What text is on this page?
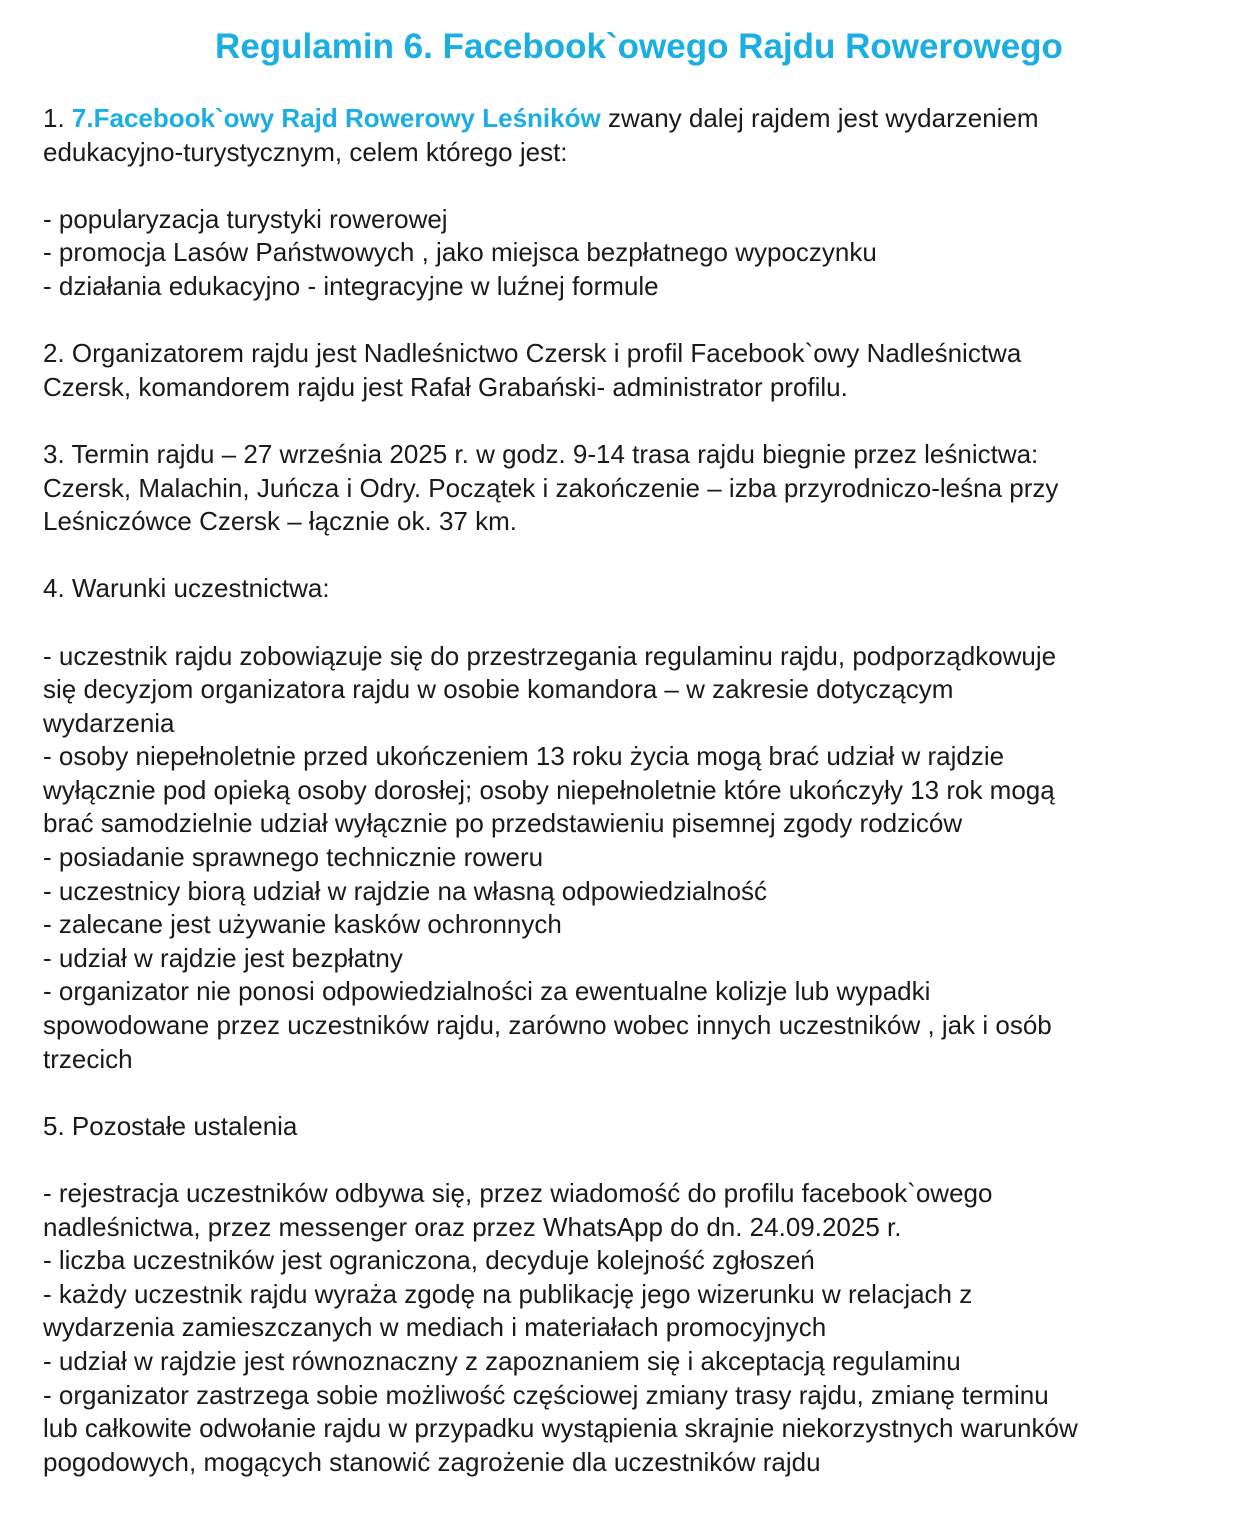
Regulamin 6. Facebook`owego Rajdu Rowerowego
1. 7.Facebook`owy Rajd Rowerowy Leśników zwany dalej rajdem jest wydarzeniem
edukacyjno-turystycznym, celem którego jest:
- popularyzacja turystyki rowerowej
- promocja Lasów Państwowych , jako miejsca bezpłatnego wypoczynku
- działania edukacyjno - integracyjne w luźnej formule
2. Organizatorem rajdu jest Nadleśnictwo Czersk i profil Facebook`owy Nadleśnictwa
Czersk, komandorem rajdu jest Rafał Grabański- administrator profilu.
3. Termin rajdu – 27 września 2025 r. w godz. 9-14 trasa rajdu biegnie przez leśnictwa:
Czersk, Malachin, Juńcza i Odry. Początek i zakończenie – izba przyrodniczo-leśna przy
Leśniczówce Czersk – łącznie ok. 37 km.
4. Warunki uczestnictwa:
- uczestnik rajdu zobowiązuje się do przestrzegania regulaminu rajdu, podporządkowuje
się decyzjom organizatora rajdu w osobie komandora – w zakresie dotyczącym
wydarzenia
- osoby niepełnoletnie przed ukończeniem 13 roku życia mogą brać udział w rajdzie
wyłącznie pod opieką osoby dorosłej; osoby niepełnoletnie które ukończyły 13 rok mogą
brać samodzielnie udział wyłącznie po przedstawieniu pisemnej zgody rodziców
- posiadanie sprawnego technicznie roweru
- uczestnicy biorą udział w rajdzie na własną odpowiedzialność
- zalecane jest używanie kasków ochronnych
- udział w rajdzie jest bezpłatny
- organizator nie ponosi odpowiedzialności za ewentualne kolizje lub wypadki
spowodowane przez uczestników rajdu, zarówno wobec innych uczestników , jak i osób
trzecich
5. Pozostałe ustalenia
- rejestracja uczestników odbywa się, przez wiadomość do profilu facebook`owego
nadleśnictwa, przez messenger oraz przez WhatsApp do dn. 24.09.2025 r.
- liczba uczestników jest ograniczona, decyduje kolejność zgłoszeń
- każdy uczestnik rajdu wyraża zgodę na publikację jego wizerunku w relacjach z
wydarzenia zamieszczanych w mediach i materiałach promocyjnych
- udział w rajdzie jest równoznaczny z zapoznaniem się i akceptacją regulaminu
- organizator zastrzega sobie możliwość częściowej zmiany trasy rajdu, zmianę terminu
lub całkowite odwołanie rajdu w przypadku wystąpienia skrajnie niekorzystnych warunków
pogodowych, mogących stanowić zagrożenie dla uczestników rajdu
